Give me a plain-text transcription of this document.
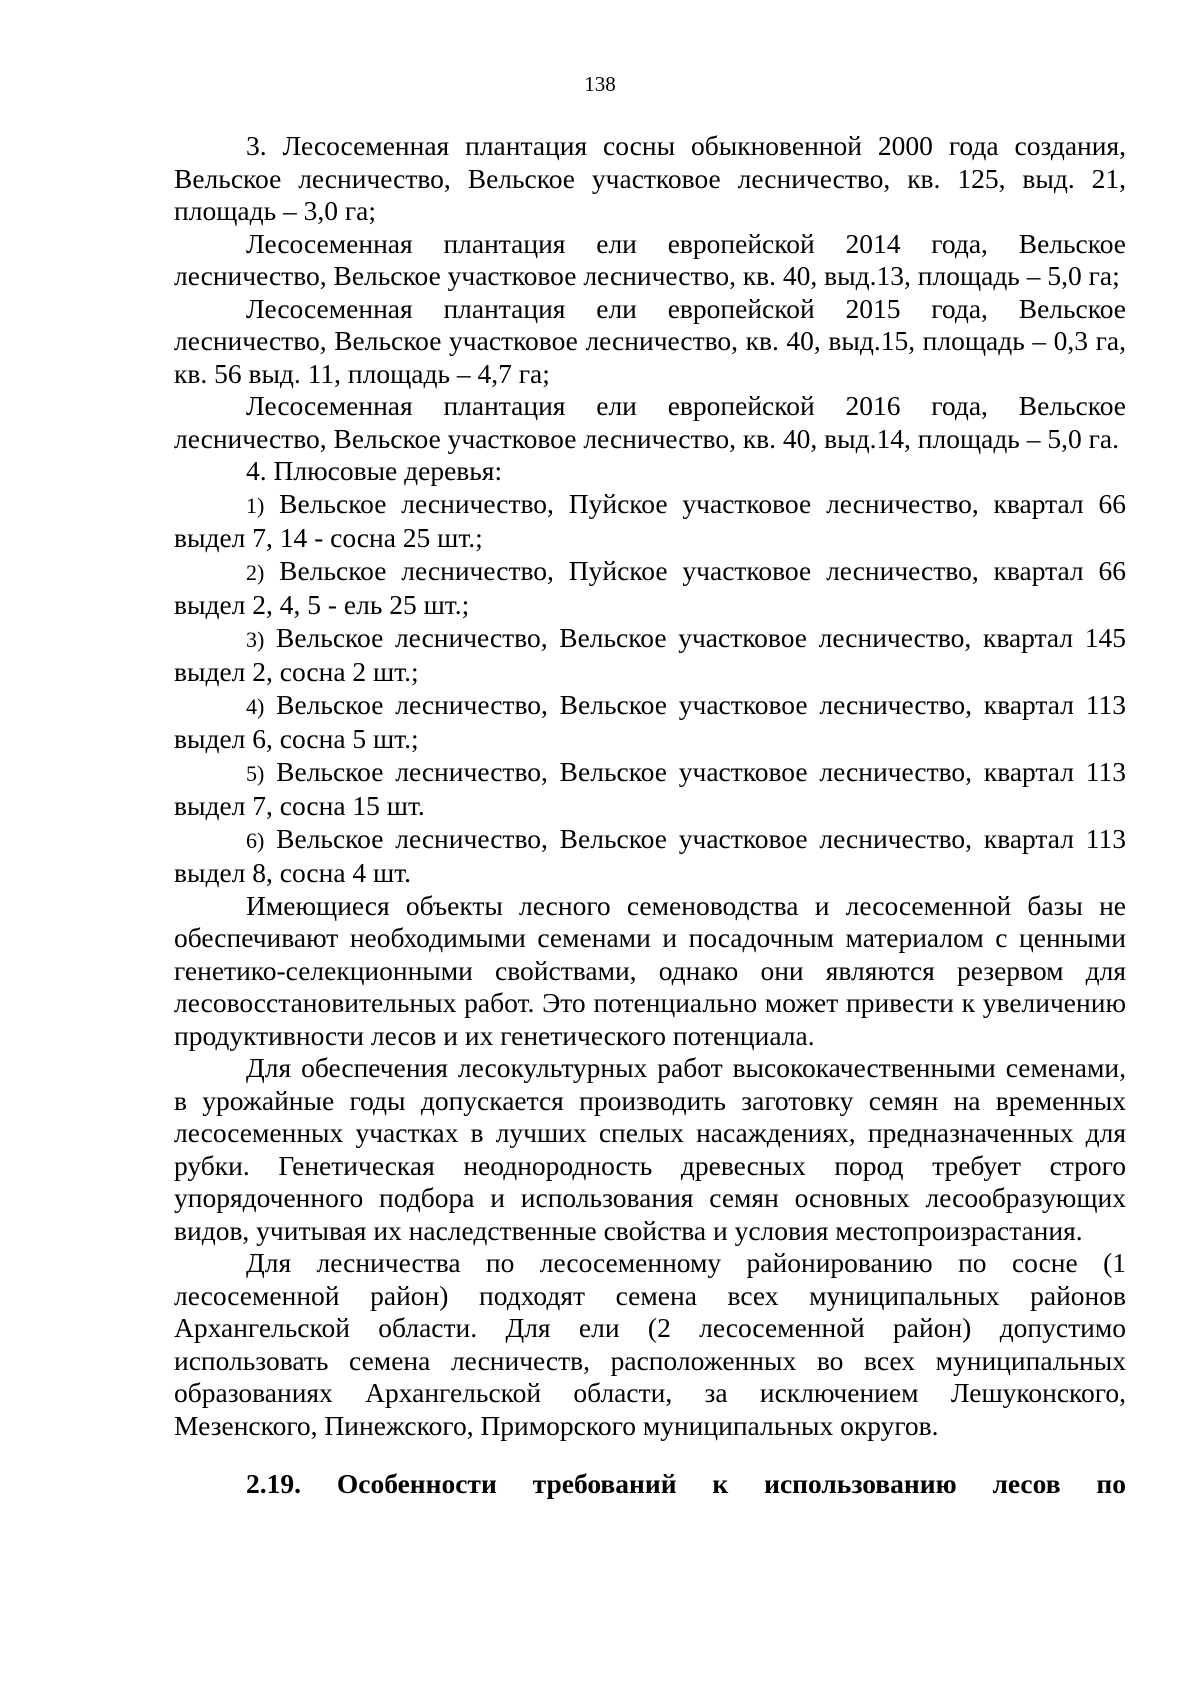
138

3. Лесосеменная плантация сосны обыкновенной 2000 года создания, Вельское лесничество, Вельское участковое лесничество, кв. 125, выд. 21, площадь – 3,0 га;

Лесосеменная плантация ели европейской 2014 года, Вельское лесничество, Вельское участковое лесничество, кв. 40, выд.13, площадь – 5,0 га;

Лесосеменная плантация ели европейской 2015 года, Вельское лесничество, Вельское участковое лесничество, кв. 40, выд.15, площадь – 0,3 га, кв. 56 выд. 11, площадь – 4,7 га;

Лесосеменная плантация ели европейской 2016 года, Вельское лесничество, Вельское участковое лесничество, кв. 40, выд.14, площадь – 5,0 га.

4. Плюсовые деревья:

1) Вельское лесничество, Пуйское участковое лесничество, квартал 66 выдел 7, 14 - сосна 25 шт.;

2) Вельское лесничество, Пуйское участковое лесничество, квартал 66 выдел 2, 4, 5 - ель 25 шт.;

3) Вельское лесничество, Вельское участковое лесничество, квартал 145 выдел 2, сосна 2 шт.;

4) Вельское лесничество, Вельское участковое лесничество, квартал 113 выдел 6, сосна 5 шт.;

5) Вельское лесничество, Вельское участковое лесничество, квартал 113 выдел 7, сосна 15 шт.

6) Вельское лесничество, Вельское участковое лесничество, квартал 113 выдел 8, сосна 4 шт.

Имеющиеся объекты лесного семеноводства и лесосеменной базы не обеспечивают необходимыми семенами и посадочным материалом с ценными генетико-селекционными свойствами, однако они являются резервом для лесовосстановительных работ. Это потенциально может привести к увеличению продуктивности лесов и их генетического потенциала.

Для обеспечения лесокультурных работ высококачественными семенами, в урожайные годы допускается производить заготовку семян на временных лесосеменных участках в лучших спелых насаждениях, предназначенных для рубки. Генетическая неоднородность древесных пород требует строго упорядоченного подбора и использования семян основных лесообразующих видов, учитывая их наследственные свойства и условия местопроизрастания.

Для лесничества по лесосеменному районированию по сосне (1 лесосеменной район) подходят семена всех муниципальных районов Архангельской области. Для ели (2 лесосеменной район) допустимо использовать семена лесничеств, расположенных во всех муниципальных образованиях Архангельской области, за исключением Лешуконского, Мезенского, Пинежского, Приморского муниципальных округов.

2.19. Особенности требований к использованию лесов по
